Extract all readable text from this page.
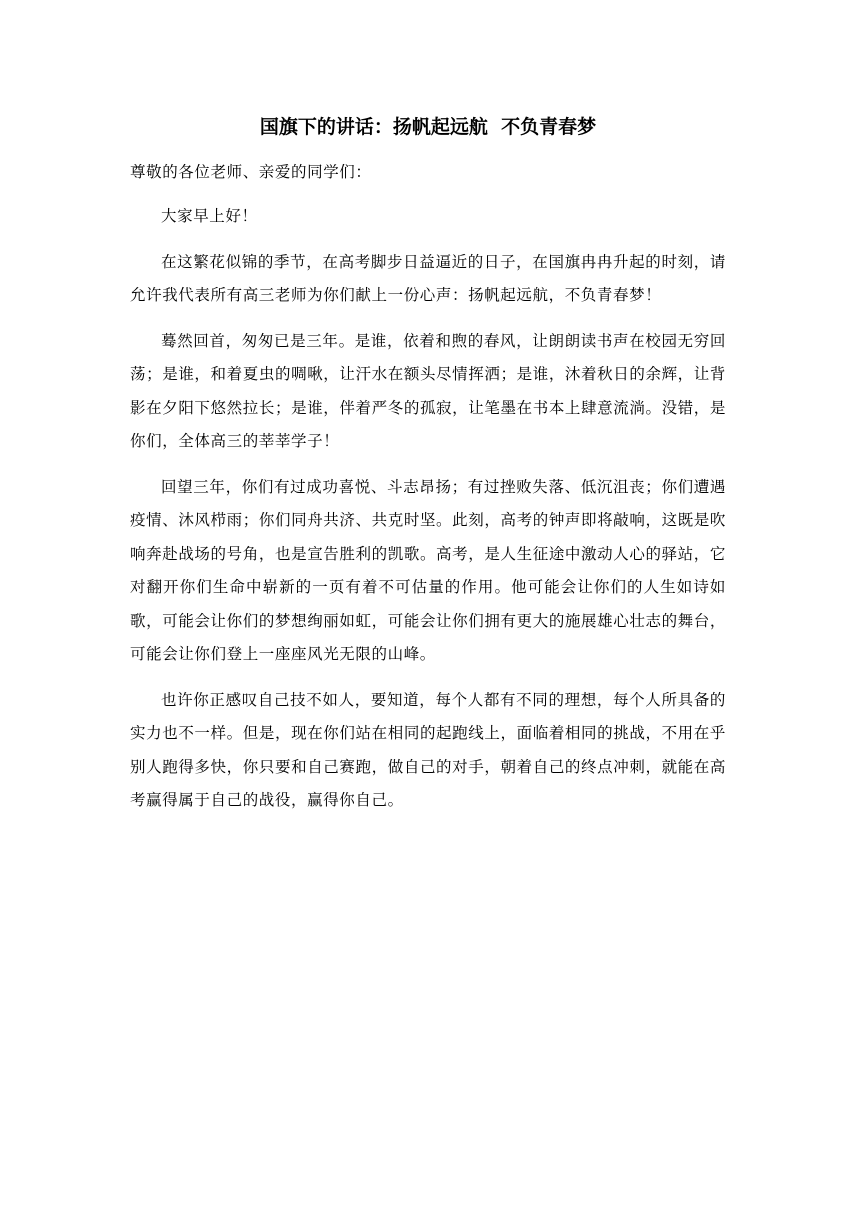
国旗下的讲话：扬帆起远航  不负青春梦

尊敬的各位老师、亲爱的同学们：

大家早上好！

在这繁花似锦的季节，在高考脚步日益逼近的日子，在国旗冉冉升起的时刻，请允许我代表所有高三老师为你们献上一份心声：扬帆起远航，不负青春梦！

蓦然回首，匆匆已是三年。是谁，依着和煦的春风，让朗朗读书声在校园无穷回荡；是谁，和着夏虫的啁啾，让汗水在额头尽情挥洒；是谁，沐着秋日的余辉，让背影在夕阳下悠然拉长；是谁，伴着严冬的孤寂，让笔墨在书本上肆意流淌。没错，是你们，全体高三的莘莘学子！

回望三年，你们有过成功喜悦、斗志昂扬；有过挫败失落、低沉沮丧；你们遭遇疫情、沐风栉雨；你们同舟共济、共克时坚。此刻，高考的钟声即将敲响，这既是吹响奔赴战场的号角，也是宣告胜利的凯歌。高考，是人生征途中激动人心的驿站，它对翻开你们生命中崭新的一页有着不可估量的作用。他可能会让你们的人生如诗如歌，可能会让你们的梦想绚丽如虹，可能会让你们拥有更大的施展雄心壮志的舞台，可能会让你们登上一座座风光无限的山峰。

也许你正感叹自己技不如人，要知道，每个人都有不同的理想，每个人所具备的实力也不一样。但是，现在你们站在相同的起跑线上，面临着相同的挑战，不用在乎别人跑得多快，你只要和自己赛跑，做自己的对手，朝着自己的终点冲刺，就能在高考赢得属于自己的战役，赢得你自己。
